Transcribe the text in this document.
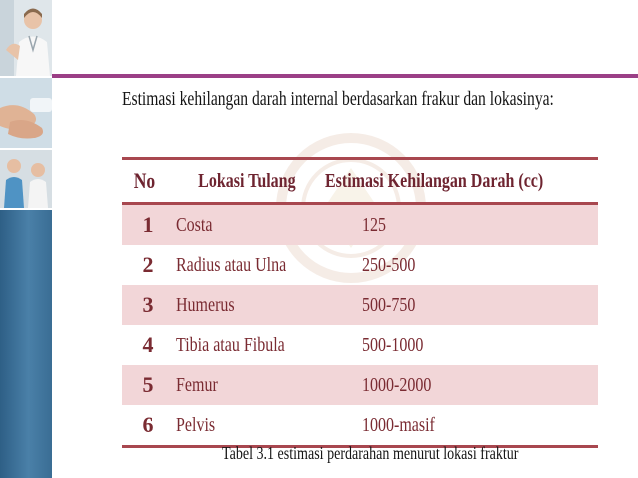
Estimasi kehilangan darah internal berdasarkan frakur dan lokasinya:
No	Lokasi Tulang	Estimasi Kehilangan Darah (cc)
1	Costa	125
2	Radius atau Ulna	250-500
3	Humerus	500-750
4	Tibia atau Fibula	500-1000
5	Femur	1000-2000
6	Pelvis	1000-masif

Tabel 3.1 estimasi perdarahan menurut lokasi fraktur
